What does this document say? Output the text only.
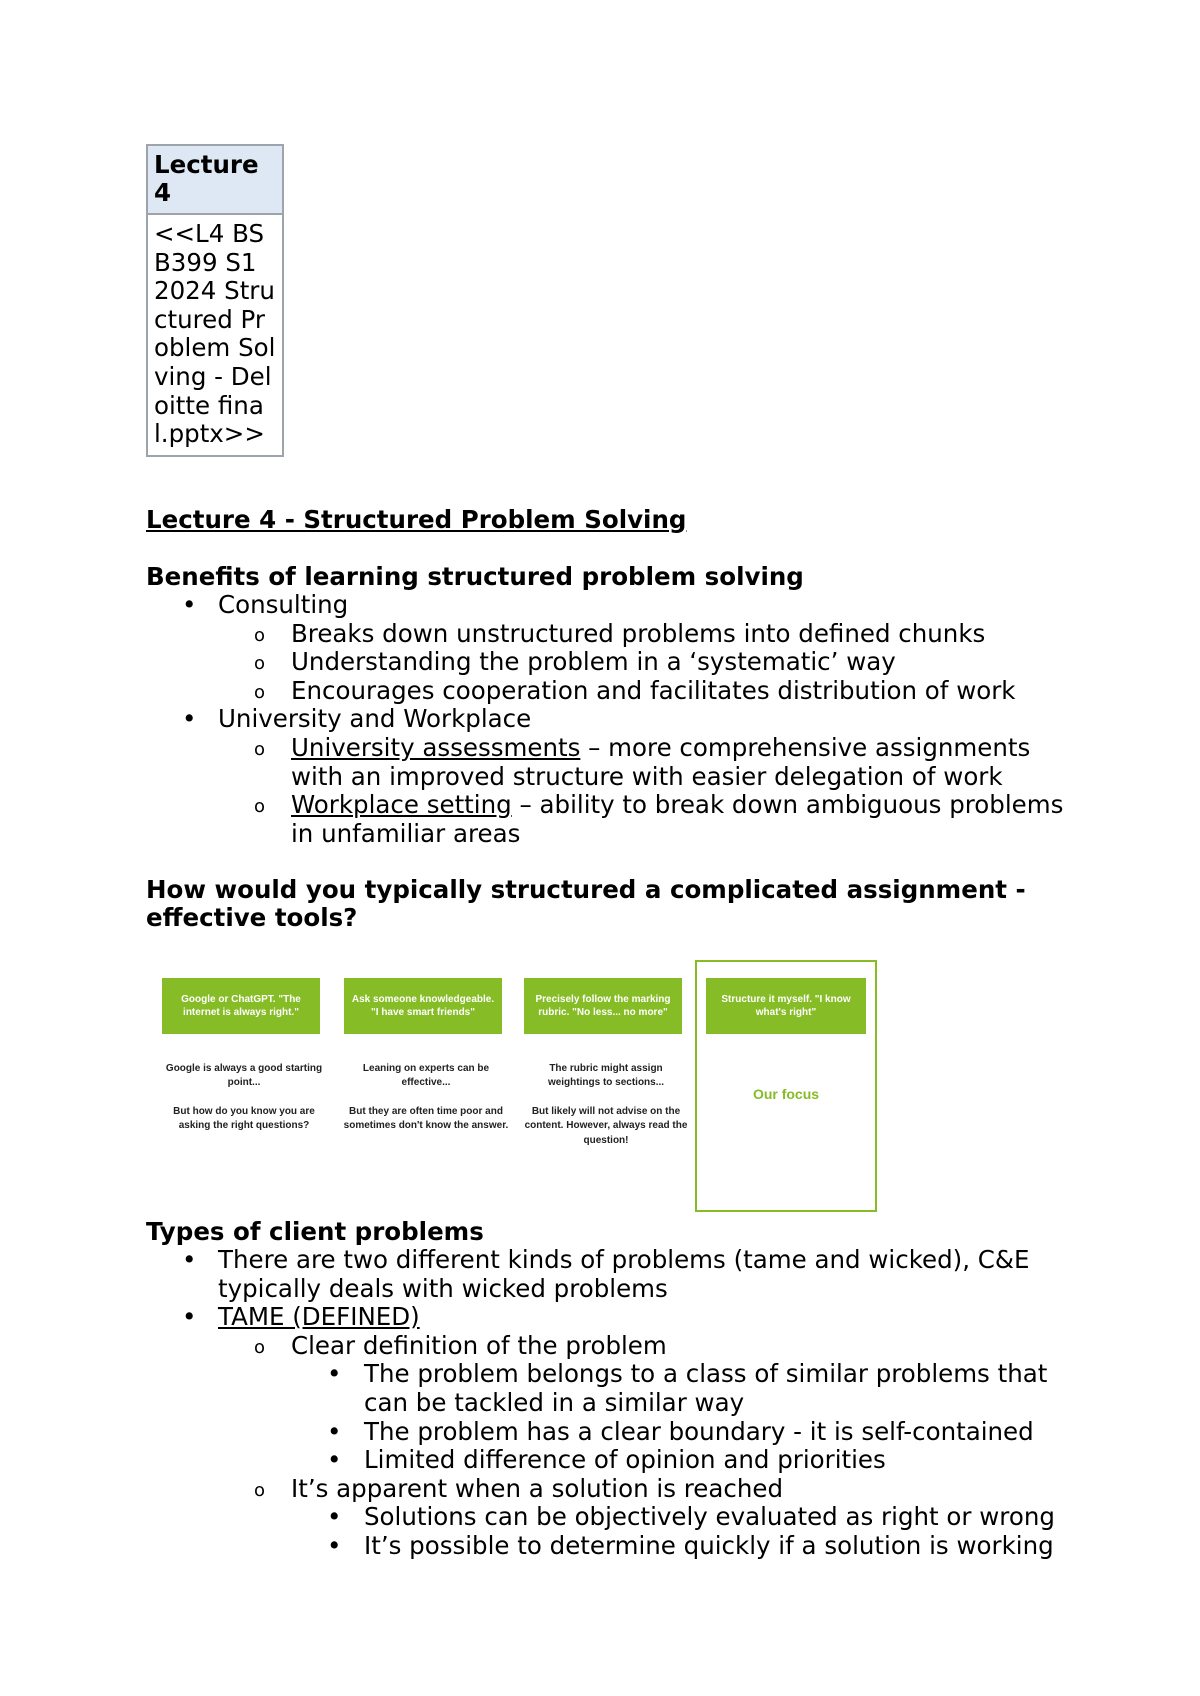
Lecture 4
<<L4 BSB399 S1 2024 Structured Problem Solving - Deloitte final.pptx>>
Lecture 4 - Structured Problem Solving
Benefits of learning structured problem solving
• Consulting
o Breaks down unstructured problems into defined chunks
o Understanding the problem in a ‘systematic’ way
o Encourages cooperation and facilitates distribution of work
• University and Workplace
o University assessments – more comprehensive assignments with an improved structure with easier delegation of work
o Workplace setting – ability to break down ambiguous problems in unfamiliar areas
How would you typically structured a complicated assignment - effective tools?
Google or ChatGPT. "The internet is always right."

Google is always a good starting point...

But how do you know you are asking the right questions?

Ask someone knowledgeable. "I have smart friends"

Leaning on experts can be effective...

But they are often time poor and sometimes don't know the answer.

Precisely follow the marking rubric. "No less... no more"

The rubric might assign weightings to sections...

But likely will not advise on the content. However, always read the question!

Structure it myself. "I know what's right"
Our focus
Types of client problems
• There are two different kinds of problems (tame and wicked), C&E typically deals with wicked problems
• TAME (DEFINED)
o Clear definition of the problem
• The problem belongs to a class of similar problems that can be tackled in a similar way
• The problem has a clear boundary - it is self-contained
• Limited difference of opinion and priorities
o It’s apparent when a solution is reached
• Solutions can be objectively evaluated as right or wrong
• It’s possible to determine quickly if a solution is working
